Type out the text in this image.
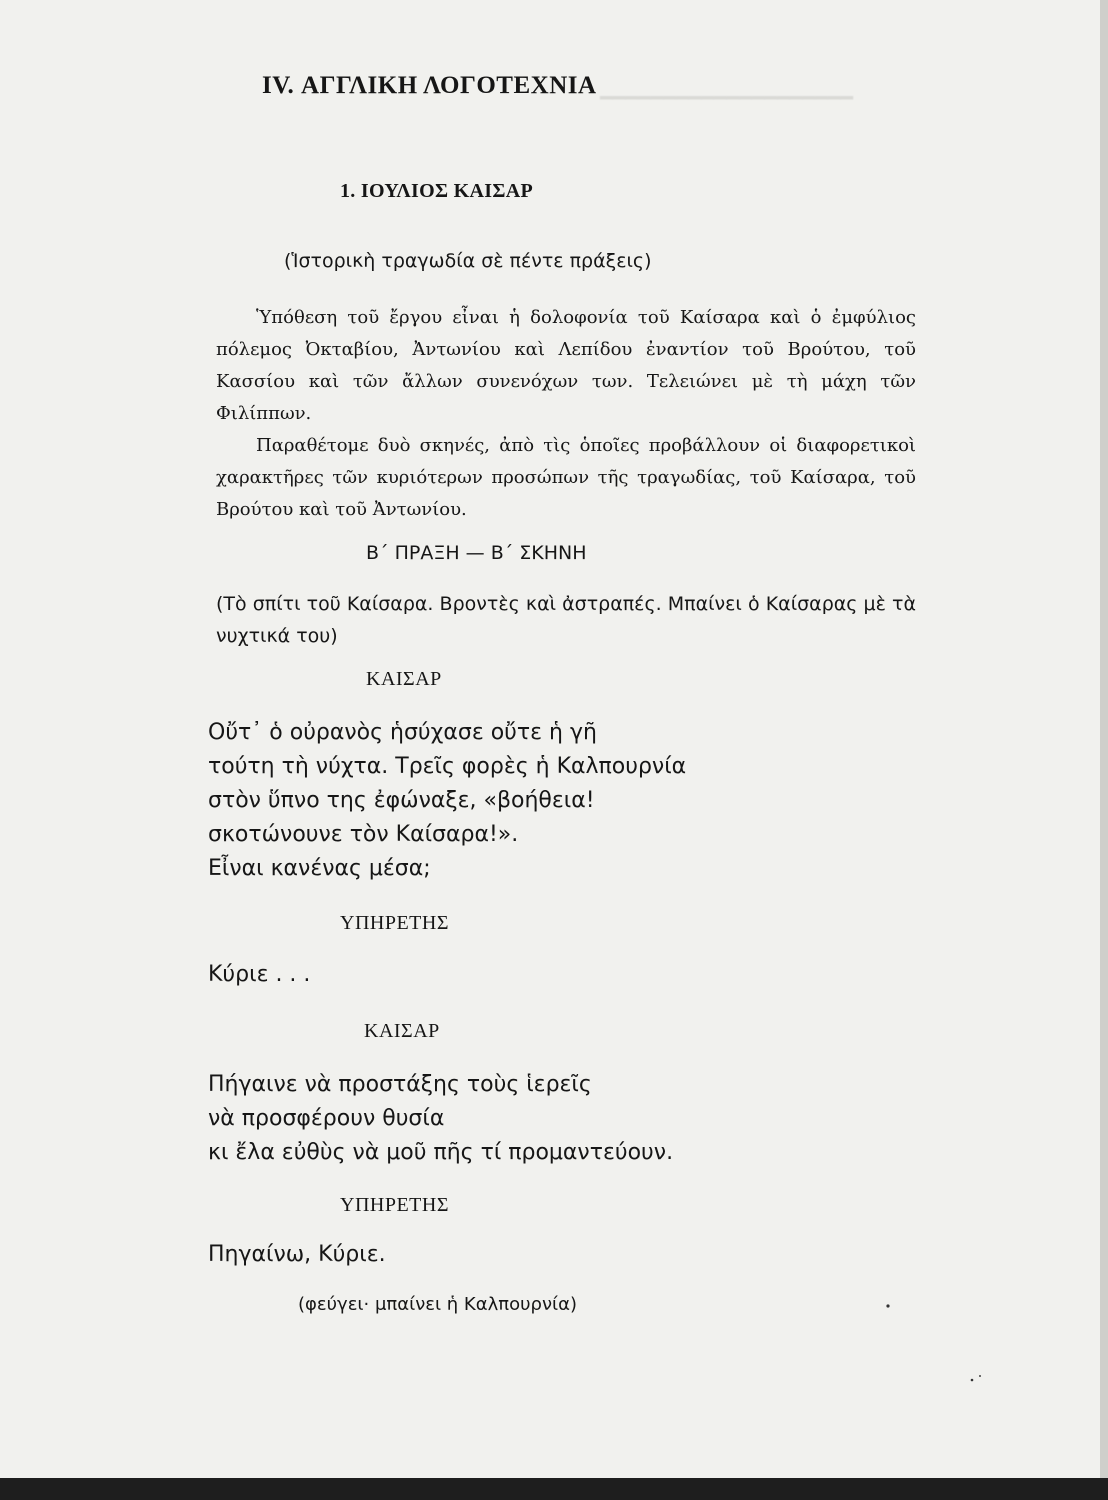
━━━━━━━━━━━━━━━━━━━━
IV. ΑΓΓΛΙΚΗ ΛΟΓΟΤΕΧΝΙΑ
1. ΙΟΥΛΙΟΣ ΚΑΙΣΑΡ
(Ἱστορικὴ τραγωδία σὲ πέντε πράξεις)

Ὑπόθεση τοῦ ἔργου εἶναι ἡ δολοφονία τοῦ Καίσαρα καὶ ὁ ἐμφύλιος πόλεμος Ὀκταβίου, Ἀντωνίου καὶ Λεπίδου ἐναντίον τοῦ Βρούτου, τοῦ Κασσίου καὶ τῶν ἄλλων συνενόχων των. Τελειώνει μὲ τὴ μάχη τῶν Φιλίππων.

Παραθέτομε δυὸ σκηνές, ἀπὸ τὶς ὁποῖες προβάλλουν οἱ διαφορετικοὶ χαρακτῆρες τῶν κυριότερων προσώπων τῆς τραγωδίας, τοῦ Καίσαρα, τοῦ Βρούτου καὶ τοῦ Ἀντωνίου.

Β΄ ΠΡΑΞΗ — Β΄ ΣΚΗΝΗ
(Τὸ σπίτι τοῦ Καίσαρα. Βροντὲς καὶ ἀστραπές. Μπαίνει ὁ Καίσαρας μὲ τὰ νυχτικά του)
ΚΑΙΣΑΡ
Οὔτ᾽ ὁ οὐρανὸς ἡσύχασε οὔτε ἡ γῆ
τούτη τὴ νύχτα. Τρεῖς φορὲς ἡ Καλπουρνία
στὸν ὕπνο της ἐφώναξε, «βοήθεια!
σκοτώνουνε τὸν Καίσαρα!».
Εἶναι κανένας μέσα;
ΥΠΗΡΕΤΗΣ
Κύριε . . .
ΚΑΙΣΑΡ
Πήγαινε νὰ προστάξης τοὺς ἱερεῖς
νὰ προσφέρουν θυσία
κι ἔλα εὐθὺς νὰ μοῦ πῆς τί προμαντεύουν.
ΥΠΗΡΕΤΗΣ
Πηγαίνω, Κύριε.
(φεύγει· μπαίνει ἡ Καλπουρνία)
